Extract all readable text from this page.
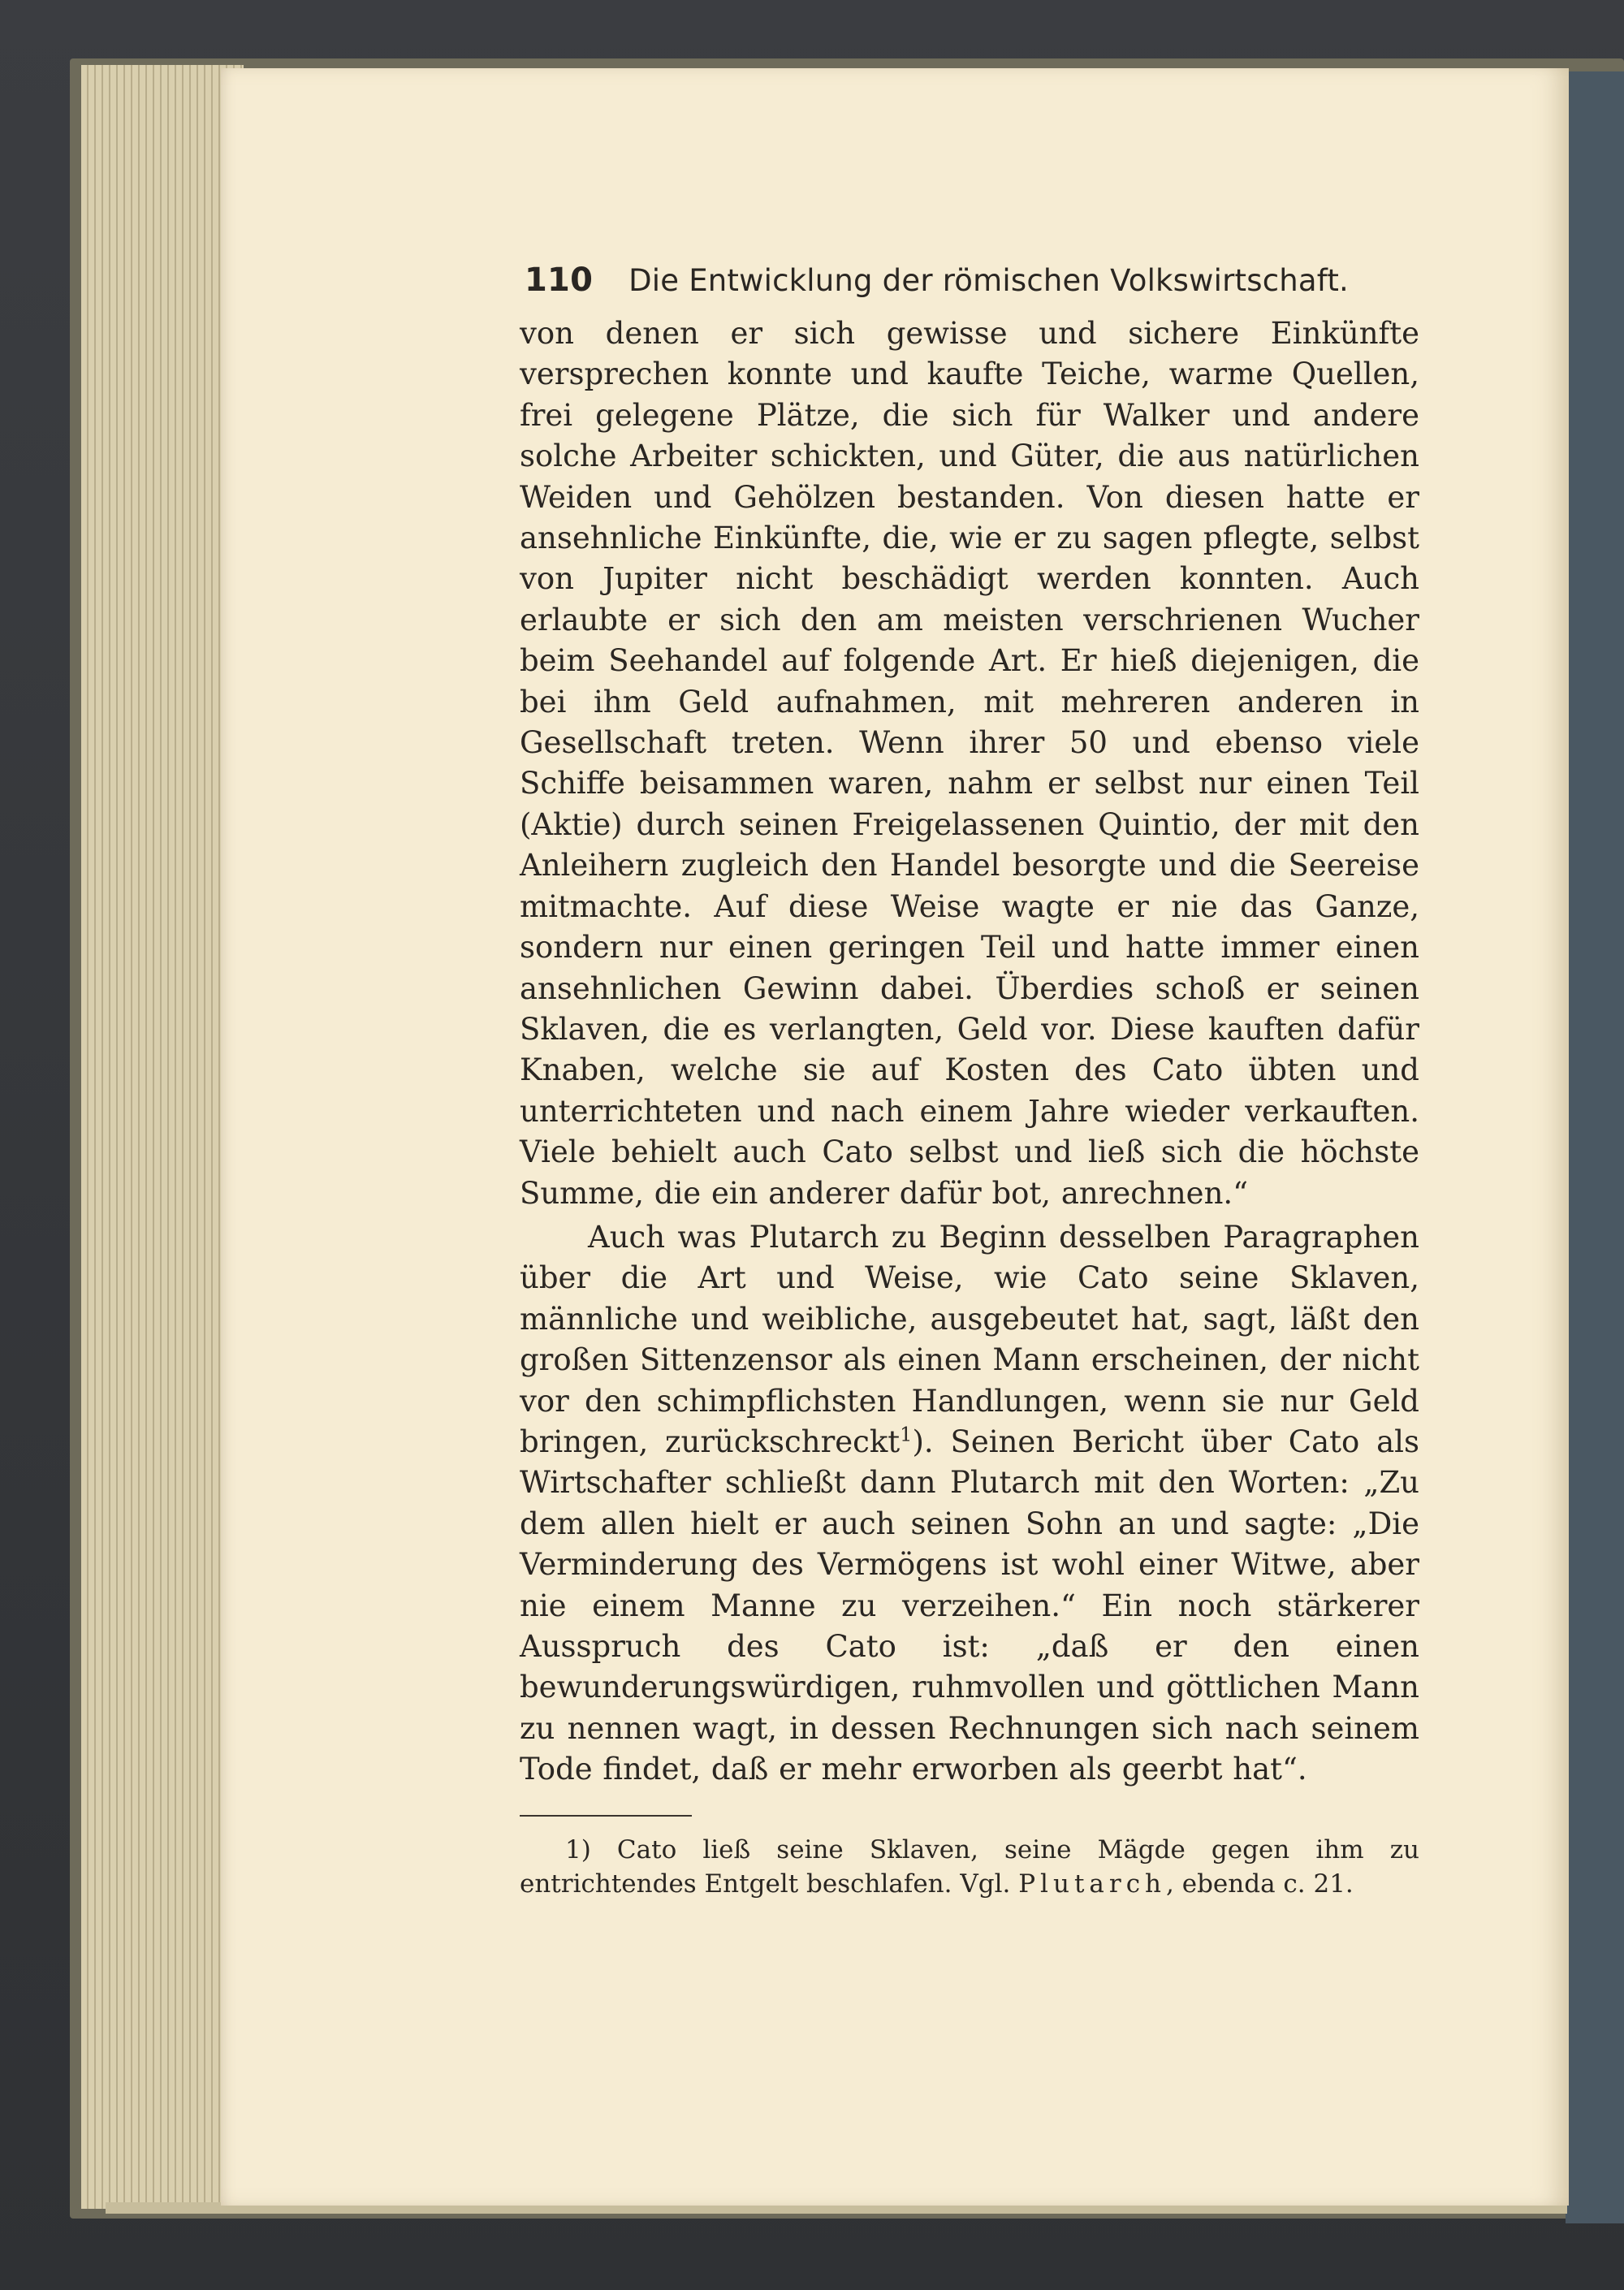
110 Die Entwicklung der römischen Volkswirtschaft.

von denen er sich gewisse und sichere Einkünfte versprechen konnte und kaufte Teiche, warme Quellen, frei gelegene Plätze, die sich für Walker und andere solche Arbeiter schickten, und Güter, die aus natürlichen Weiden und Gehölzen bestanden. Von diesen hatte er ansehnliche Einkünfte, die, wie er zu sagen pflegte, selbst von Jupiter nicht beschädigt werden konnten. Auch erlaubte er sich den am meisten verschrienen Wucher beim Seehandel auf folgende Art. Er hieß diejenigen, die bei ihm Geld aufnahmen, mit mehreren anderen in Gesellschaft treten. Wenn ihrer 50 und ebenso viele Schiffe beisammen waren, nahm er selbst nur einen Teil (Aktie) durch seinen Freigelassenen Quintio, der mit den Anleihern zugleich den Handel besorgte und die Seereise mitmachte. Auf diese Weise wagte er nie das Ganze, sondern nur einen geringen Teil und hatte immer einen ansehnlichen Gewinn dabei. Überdies schoß er seinen Sklaven, die es verlangten, Geld vor. Diese kauften dafür Knaben, welche sie auf Kosten des Cato übten und unterrichteten und nach einem Jahre wieder verkauften. Viele behielt auch Cato selbst und ließ sich die höchste Summe, die ein anderer dafür bot, anrechnen.“

Auch was Plutarch zu Beginn desselben Paragraphen über die Art und Weise, wie Cato seine Sklaven, männliche und weibliche, ausgebeutet hat, sagt, läßt den großen Sittenzensor als einen Mann erscheinen, der nicht vor den schimpflichsten Handlungen, wenn sie nur Geld bringen, zurückschreckt$^1$). Seinen Bericht über Cato als Wirtschafter schließt dann Plutarch mit den Worten: „Zu dem allen hielt er auch seinen Sohn an und sagte: „Die Verminderung des Vermögens ist wohl einer Witwe, aber nie einem Manne zu verzeihen.“ Ein noch stärkerer Ausspruch des Cato ist: „daß er den einen bewunderungswürdigen, ruhmvollen und göttlichen Mann zu nennen wagt, in dessen Rechnungen sich nach seinem Tode findet, daß er mehr erworben als geerbt hat“.

1) Cato ließ seine Sklaven, seine Mägde gegen ihm zu entrichtendes Entgelt beschlafen. Vgl. Plutarch, ebenda c. 21.
